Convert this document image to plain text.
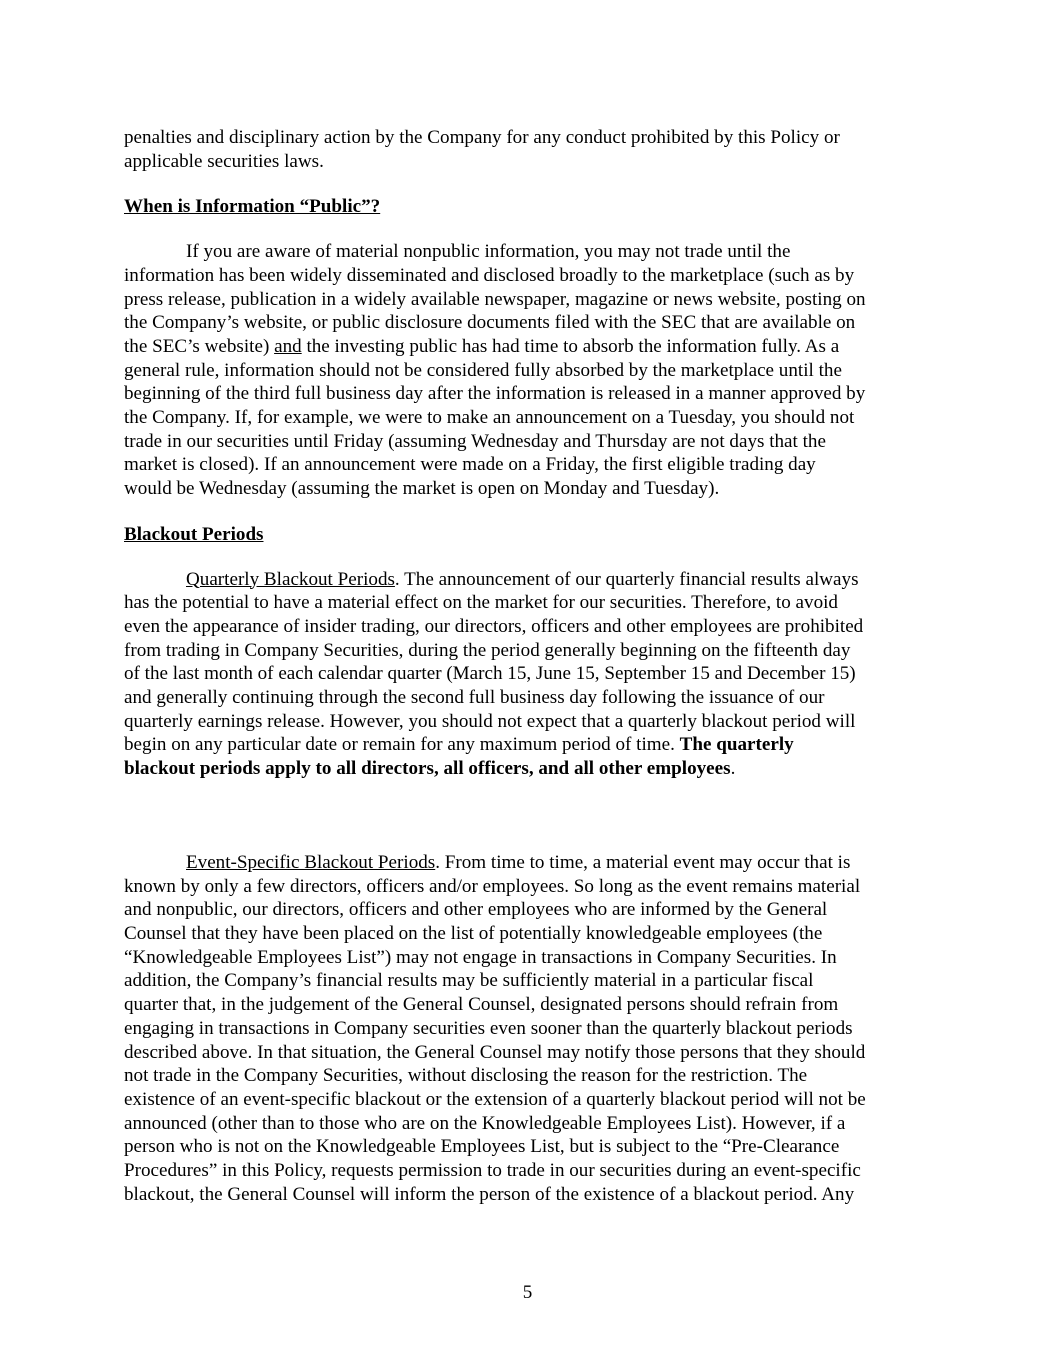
penalties and disciplinary action by the Company for any conduct prohibited by this Policy or
applicable securities laws.

When is Information “Public”?

If you are aware of material nonpublic information, you may not trade until the
information has been widely disseminated and disclosed broadly to the marketplace (such as by
press release, publication in a widely available newspaper, magazine or news website, posting on
the Company’s website, or public disclosure documents filed with the SEC that are available on
the SEC’s website) and the investing public has had time to absorb the information fully. As a
general rule, information should not be considered fully absorbed by the marketplace until the
beginning of the third full business day after the information is released in a manner approved by
the Company. If, for example, we were to make an announcement on a Tuesday, you should not
trade in our securities until Friday (assuming Wednesday and Thursday are not days that the
market is closed). If an announcement were made on a Friday, the first eligible trading day
would be Wednesday (assuming the market is open on Monday and Tuesday).

Blackout Periods

Quarterly Blackout Periods. The announcement of our quarterly financial results always
has the potential to have a material effect on the market for our securities. Therefore, to avoid
even the appearance of insider trading, our directors, officers and other employees are prohibited
from trading in Company Securities, during the period generally beginning on the fifteenth day
of the last month of each calendar quarter (March 15, June 15, September 15 and December 15)
and generally continuing through the second full business day following the issuance of our
quarterly earnings release. However, you should not expect that a quarterly blackout period will
begin on any particular date or remain for any maximum period of time. The quarterly
blackout periods apply to all directors, all officers, and all other employees.

Event-Specific Blackout Periods. From time to time, a material event may occur that is
known by only a few directors, officers and/or employees. So long as the event remains material
and nonpublic, our directors, officers and other employees who are informed by the General
Counsel that they have been placed on the list of potentially knowledgeable employees (the
“Knowledgeable Employees List”) may not engage in transactions in Company Securities. In
addition, the Company’s financial results may be sufficiently material in a particular fiscal
quarter that, in the judgement of the General Counsel, designated persons should refrain from
engaging in transactions in Company securities even sooner than the quarterly blackout periods
described above. In that situation, the General Counsel may notify those persons that they should
not trade in the Company Securities, without disclosing the reason for the restriction. The
existence of an event-specific blackout or the extension of a quarterly blackout period will not be
announced (other than to those who are on the Knowledgeable Employees List). However, if a
person who is not on the Knowledgeable Employees List, but is subject to the “Pre-Clearance
Procedures” in this Policy, requests permission to trade in our securities during an event-specific
blackout, the General Counsel will inform the person of the existence of a blackout period. Any

5
